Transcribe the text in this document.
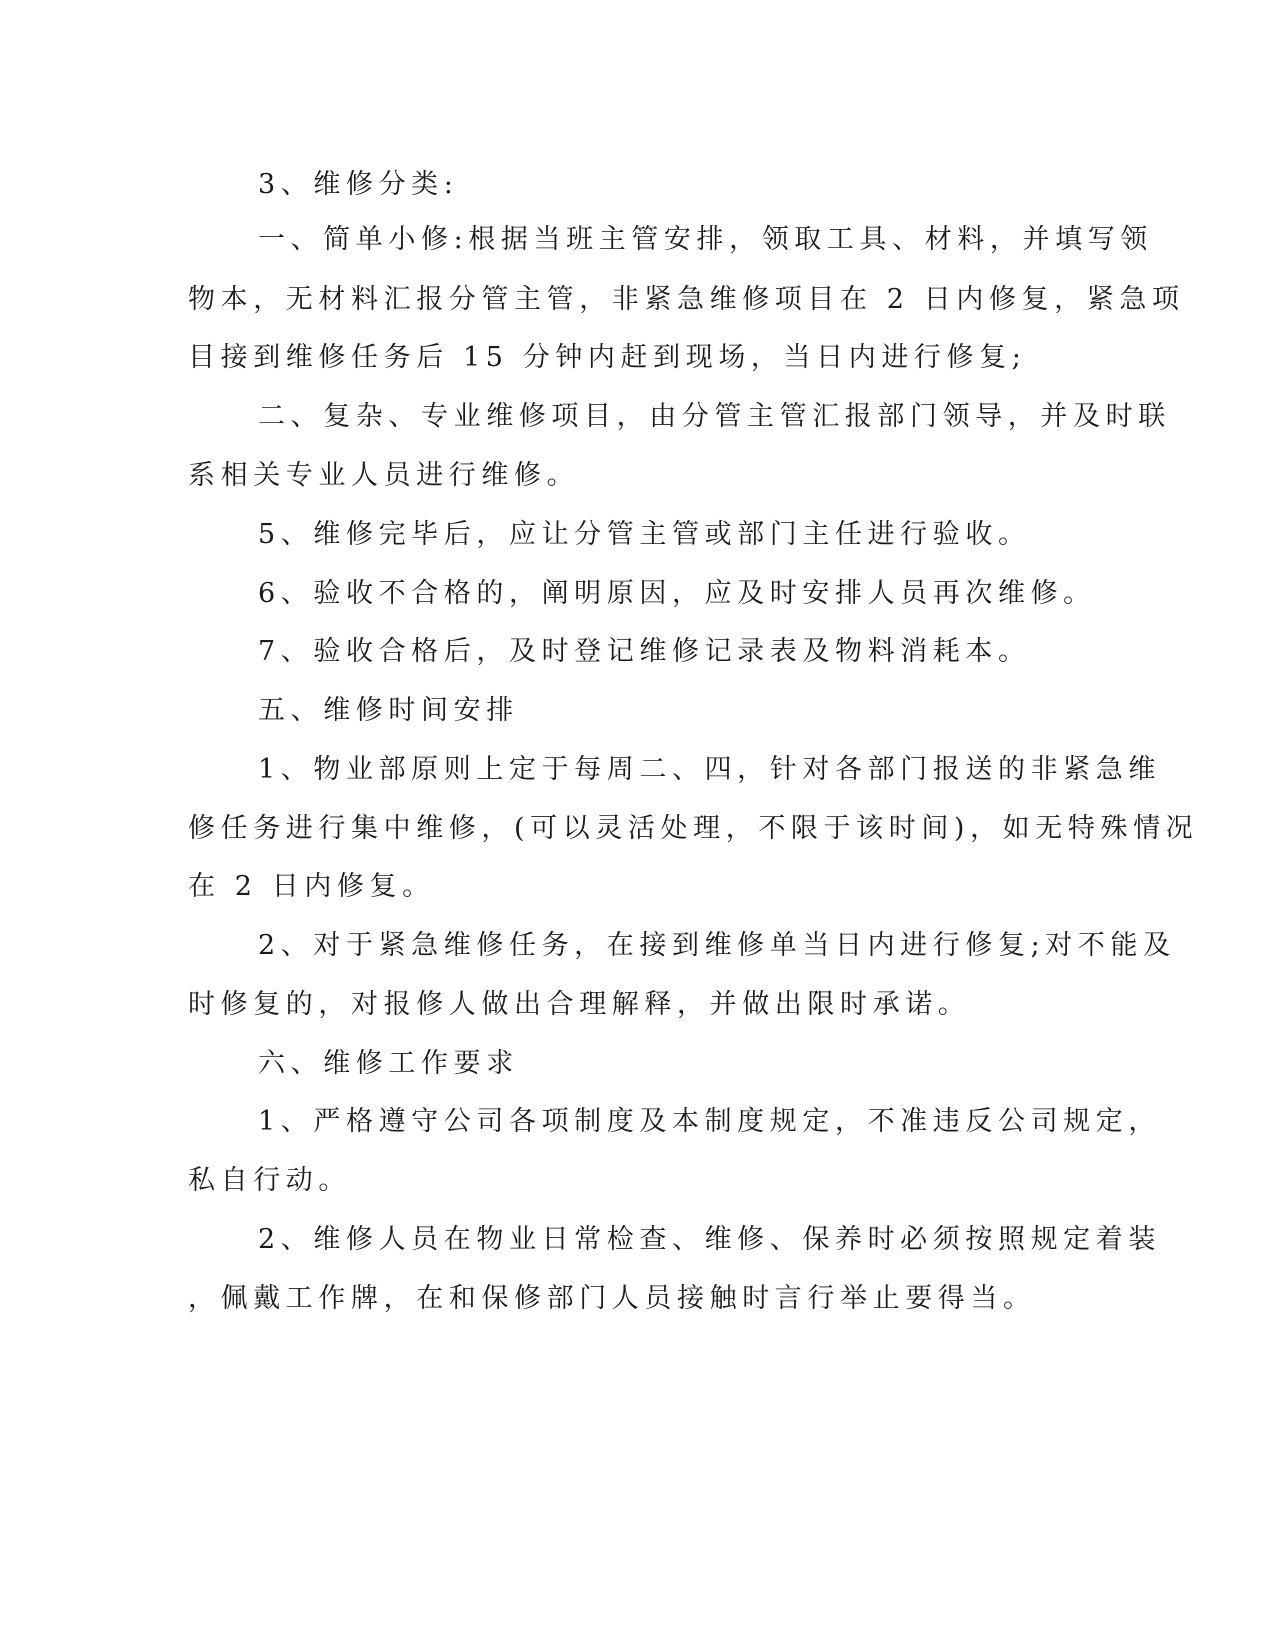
3、维修分类:
一、简单小修:根据当班主管安排，领取工具、材料，并填写领
物本，无材料汇报分管主管，非紧急维修项目在 2 日内修复，紧急项
目接到维修任务后 15 分钟内赶到现场，当日内进行修复;
二、复杂、专业维修项目，由分管主管汇报部门领导，并及时联
系相关专业人员进行维修。
5、维修完毕后，应让分管主管或部门主任进行验收。
6、验收不合格的，阐明原因，应及时安排人员再次维修。
7、验收合格后，及时登记维修记录表及物料消耗本。
五、维修时间安排
1、物业部原则上定于每周二、四，针对各部门报送的非紧急维
修任务进行集中维修，(可以灵活处理，不限于该时间)，如无特殊情况
在 2 日内修复。
2、对于紧急维修任务，在接到维修单当日内进行修复;对不能及
时修复的，对报修人做出合理解释，并做出限时承诺。
六、维修工作要求
1、严格遵守公司各项制度及本制度规定，不准违反公司规定，
私自行动。
2、维修人员在物业日常检查、维修、保养时必须按照规定着装
，佩戴工作牌，在和保修部门人员接触时言行举止要得当。
